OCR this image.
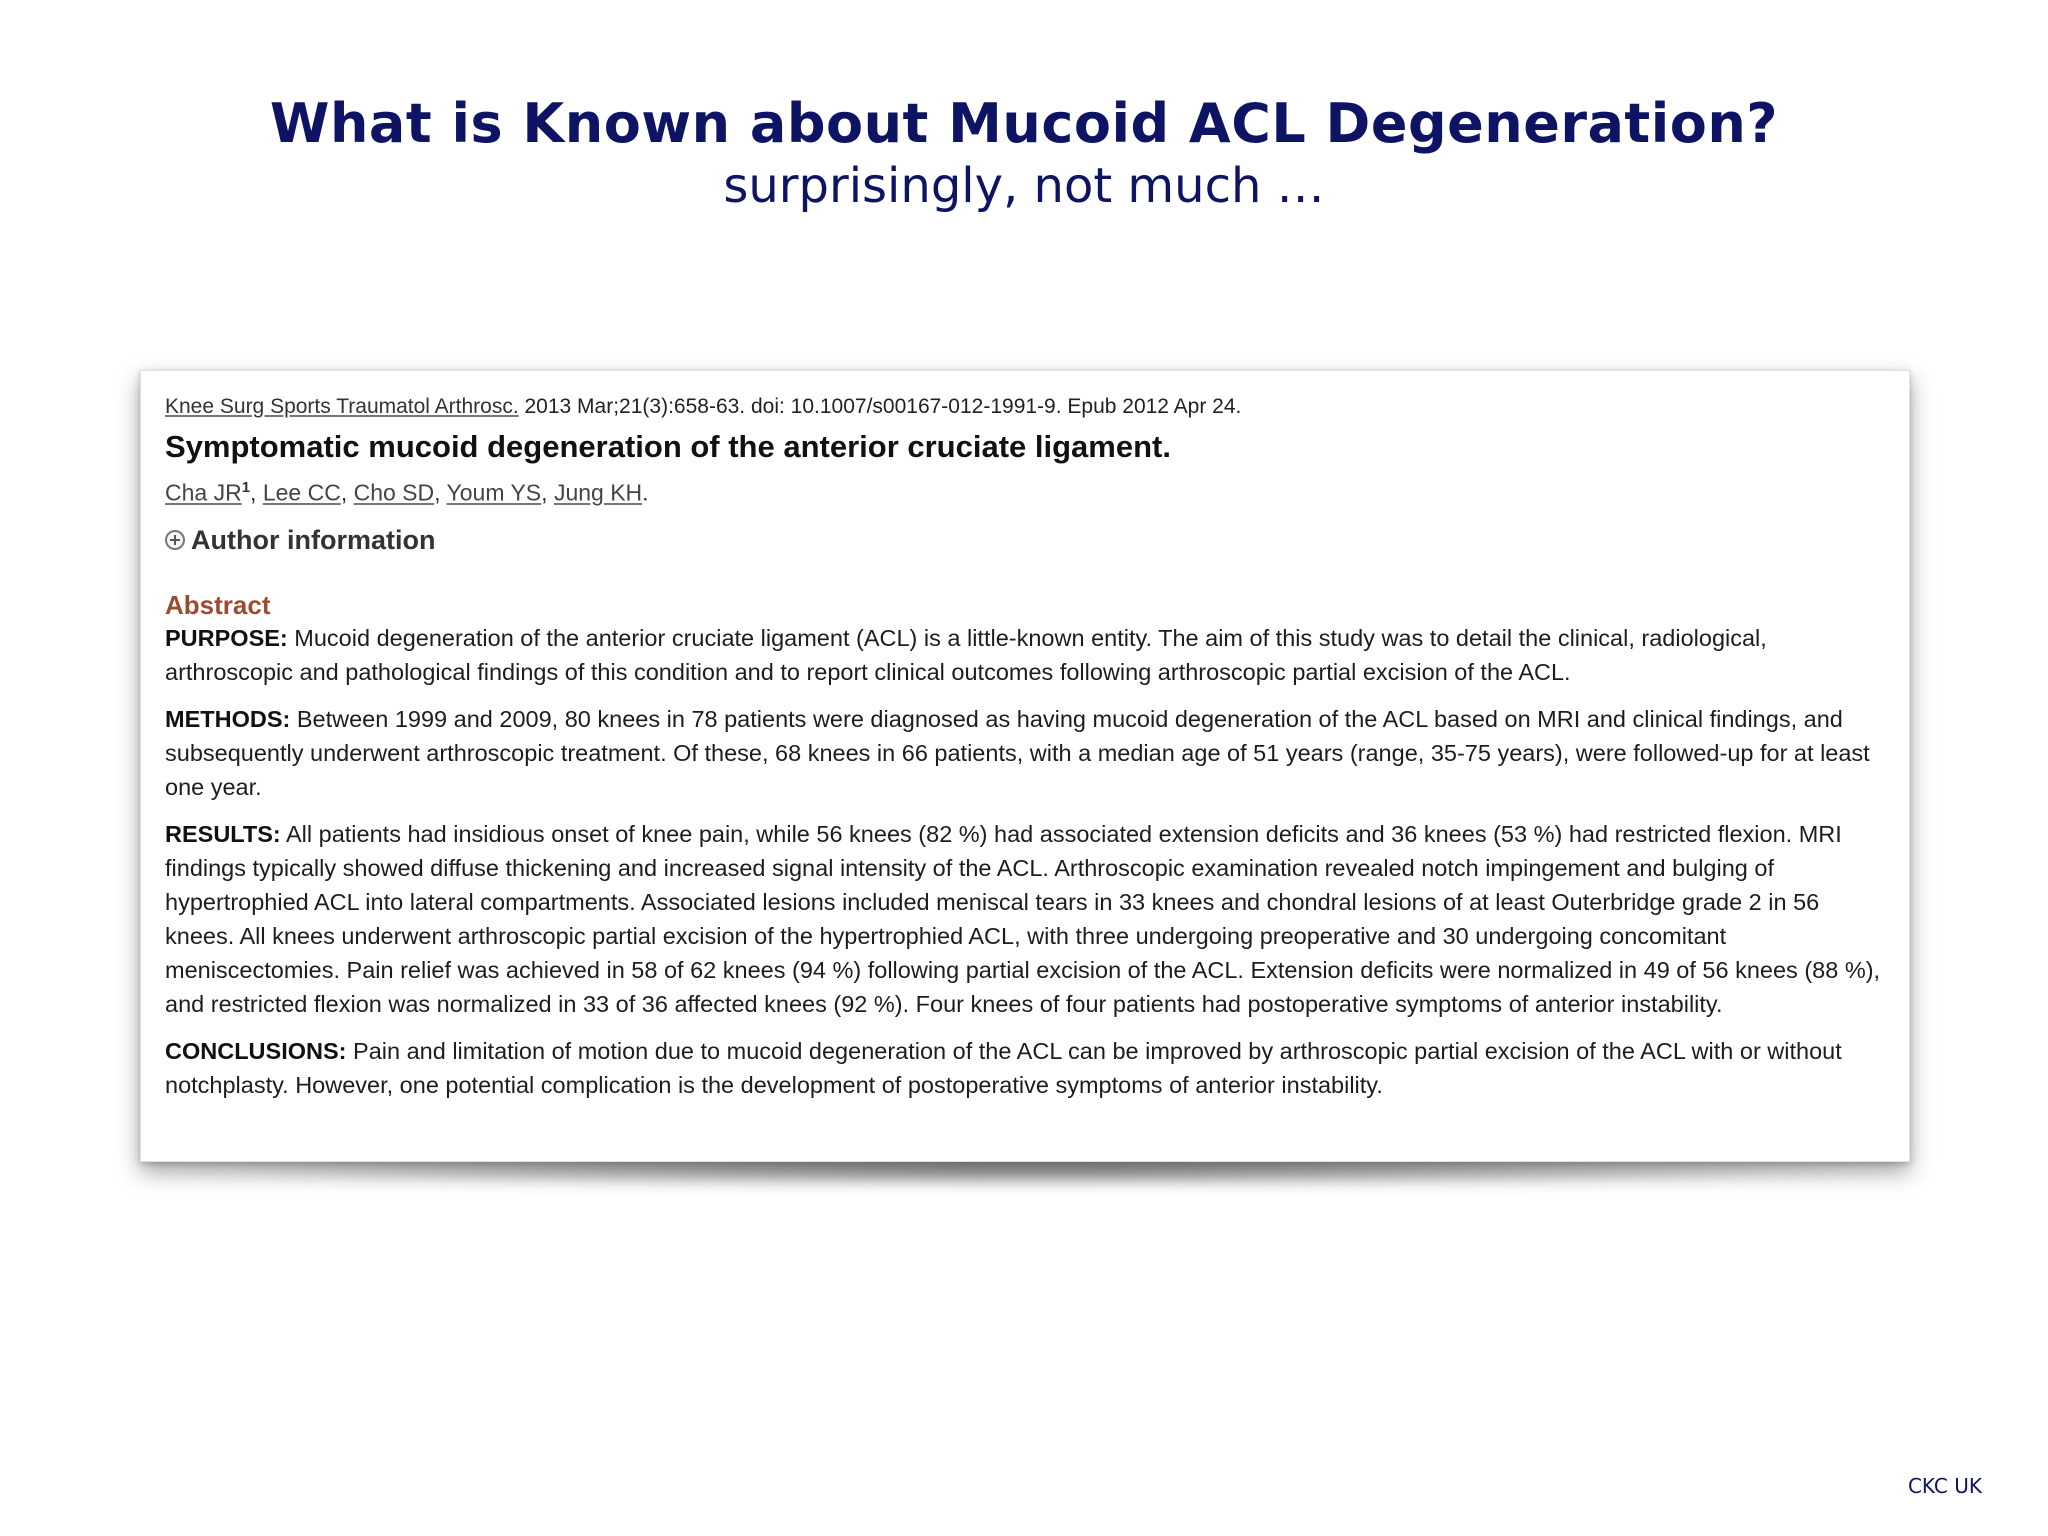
What is Known about Mucoid ACL Degeneration?
surprisingly, not much …

Knee Surg Sports Traumatol Arthrosc. 2013 Mar;21(3):658-63. doi: 10.1007/s00167-012-1991-9. Epub 2012 Apr 24.

Symptomatic mucoid degeneration of the anterior cruciate ligament.

Cha $JR^1$, Lee CC, Cho SD, Youm YS, Jung KH.

Author information
Abstract

PURPOSE: Mucoid degeneration of the anterior cruciate ligament (ACL) is a little-known entity. The aim of this study was to detail the clinical, radiological, arthroscopic and pathological findings of this condition and to report clinical outcomes following arthroscopic partial excision of the ACL.

METHODS: Between 1999 and 2009, 80 knees in 78 patients were diagnosed as having mucoid degeneration of the ACL based on MRI and clinical findings, and subsequently underwent arthroscopic treatment. Of these, 68 knees in 66 patients, with a median age of 51 years (range, 35-75 years), were followed-up for at least one year.

RESULTS: All patients had insidious onset of knee pain, while 56 knees (82 %) had associated extension deficits and 36 knees (53 %) had restricted flexion. MRI findings typically showed diffuse thickening and increased signal intensity of the ACL. Arthroscopic examination revealed notch impingement and bulging of hypertrophied ACL into lateral compartments. Associated lesions included meniscal tears in 33 knees and chondral lesions of at least Outerbridge grade 2 in 56 knees. All knees underwent arthroscopic partial excision of the hypertrophied ACL, with three undergoing preoperative and 30 undergoing concomitant meniscectomies. Pain relief was achieved in 58 of 62 knees (94 %) following partial excision of the ACL. Extension deficits were normalized in 49 of 56 knees (88 %), and restricted flexion was normalized in 33 of 36 affected knees (92 %). Four knees of four patients had postoperative symptoms of anterior instability.

CONCLUSIONS: Pain and limitation of motion due to mucoid degeneration of the ACL can be improved by arthroscopic partial excision of the ACL with or without notchplasty. However, one potential complication is the development of postoperative symptoms of anterior instability.

CKC UK
